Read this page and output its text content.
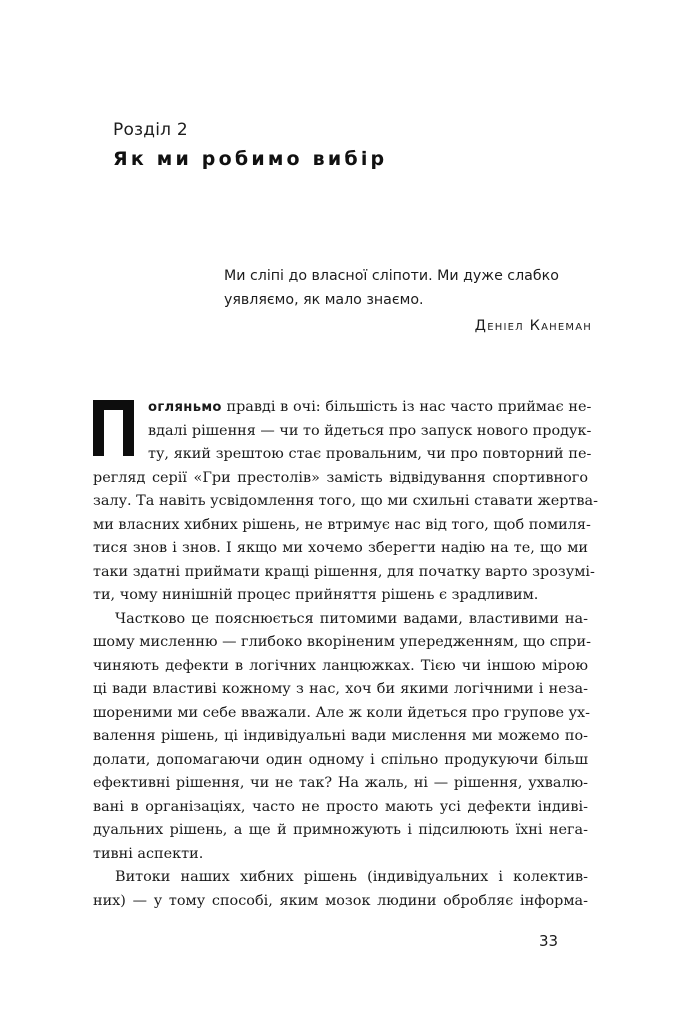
Розділ 2
Як ми робимо вибір
Ми сліпі до власної сліпоти. Ми дуже слабко
уявляємо, як мало знаємо.
Деніел Канеман
огляньмо правді в очі: більшість із нас часто приймає не-
вдалі рішення — чи то йдеться про запуск нового продук-
ту, який зрештою стає провальним, чи про повторний пе-
регляд серії «Гри престолів» замість відвідування спортивного
залу. Та навіть усвідомлення того, що ми схильні ставати жертва-
ми власних хибних рішень, не втримує нас від того, щоб помиля-
тися знов і знов. І якщо ми хочемо зберегти надію на те, що ми
таки здатні приймати кращі рішення, для початку варто зрозумі-
ти, чому нинішній процес прийняття рішень є зрадливим.
Частково це пояснюється питомими вадами, властивими на-
шому мисленню — глибоко вкоріненим упередженням, що спри-
чиняють дефекти в логічних ланцюжках. Тією чи іншою мірою
ці вади властиві кожному з нас, хоч би якими логічними і неза-
шореними ми себе вважали. Але ж коли йдеться про групове ух-
валення рішень, ці індивідуальні вади мислення ми можемо по-
долати, допомагаючи один одному і спільно продукуючи більш
ефективні рішення, чи не так? На жаль, ні — рішення, ухвалю-
вані в організаціях, часто не просто мають усі дефекти індиві-
дуальних рішень, а ще й примножують і підсилюють їхні нега-
тивні аспекти.
Витоки наших хибних рішень (індивідуальних і колектив-
них) — у тому способі, яким мозок людини обробляє інформа-
33
